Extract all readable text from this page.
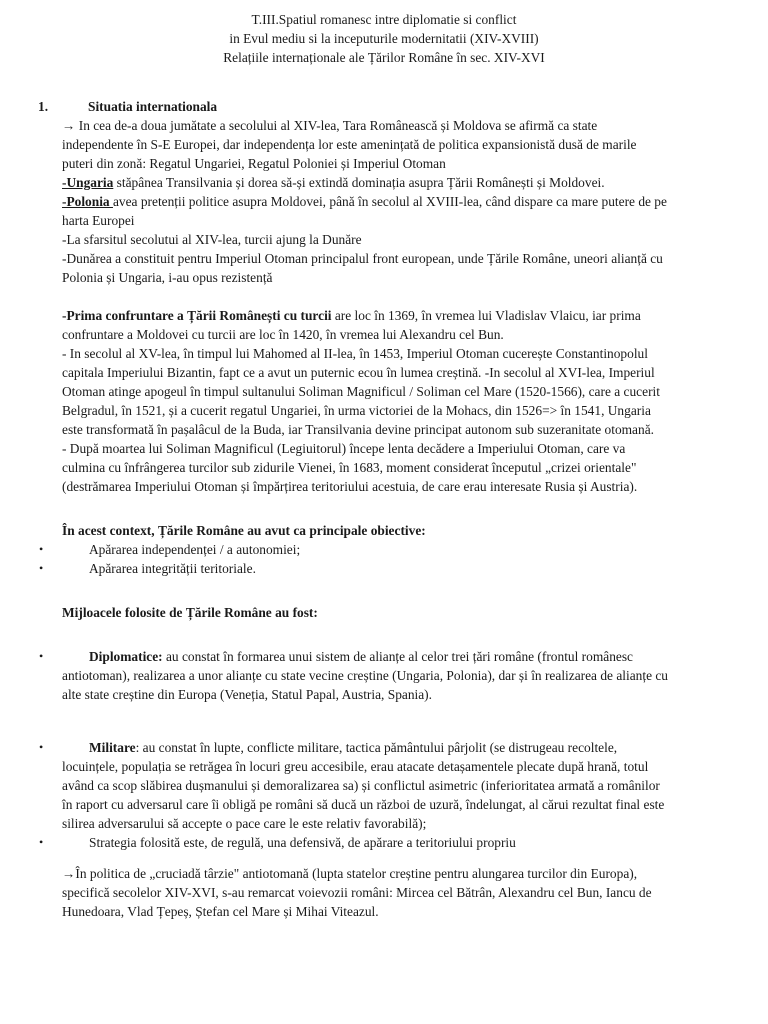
T.III.Spatiul romanesc intre diplomatie si conflict
in Evul mediu si la inceputurile modernitatii (XIV-XVIII)
Relațiile internaționale ale Țărilor Române în sec. XIV-XVI
1.	Situatia internationala
→ In cea de-a doua jumătate a secolului al XIV-lea, Tara Românească și Moldova se afirmă ca state
independente în S-E Europei, dar independența lor este amenințată de politica expansionistă dusă de marile
puteri din zonă: Regatul Ungariei, Regatul Poloniei și Imperiul Otoman
-Ungaria stăpânea Transilvania și dorea să-și extindă dominația asupra Țării Românești și Moldovei.
-Polonia avea pretenții politice asupra Moldovei, până în secolul al XVIII-lea, când dispare ca mare putere de pe
harta Europei
-La sfarsitul secolutui al XIV-lea, turcii ajung la Dunăre
-Dunărea a constituit pentru Imperiul Otoman principalul front european, unde Țările Române, uneori alianță cu
Polonia și Ungaria, i-au opus rezistență
-Prima confruntare a Țării Românești cu turcii are loc în 1369, în vremea lui Vladislav Vlaicu, iar prima
confruntare a Moldovei cu turcii are loc în 1420, în vremea lui Alexandru cel Bun.
- In secolul al XV-lea, în timpul lui Mahomed al II-lea, în 1453, Imperiul Otoman cucerește Constantinopolul
capitala Imperiului Bizantin, fapt ce a avut un puternic ecou în lumea creștină. -In secolul al XVI-lea, Imperiul
Otoman atinge apogeul în timpul sultanului Soliman Magnificul / Soliman cel Mare (1520-1566), care a cucerit
Belgradul, în 1521, și a cucerit regatul Ungariei, în urma victoriei de la Mohacs, din 1526=> în 1541, Ungaria
este transformată în pașalâcul de la Buda, iar Transilvania devine principat autonom sub suzeranitate otomană.
- După moartea lui Soliman Magnificul (Legiuitorul) începe lenta decădere a Imperiului Otoman, care va
culmina cu înfrângerea turcilor sub zidurile Vienei, în 1683, moment considerat începutul „crizei orientale"
(destrămarea Imperiului Otoman și împărțirea teritoriului acestuia, de care erau interesate Rusia și Austria).
În acest context, Țările Române au avut ca principale obiective:
•	Apărarea independenței / a autonomiei;
•	Apărarea integrității teritoriale.
Mijloacele folosite de Țările Române au fost:
•	Diplomatice: au constat în formarea unui sistem de alianțe al celor trei țări române (frontul românesc
antiotoman), realizarea a unor alianțe cu state vecine creștine (Ungaria, Polonia), dar și în realizarea de alianțe cu
alte state creștine din Europa (Veneția, Statul Papal, Austria, Spania).
•	Militare: au constat în lupte, conflicte militare, tactica pământului pârjolit (se distrugeau recoltele,
locuințele, populația se retrăgea în locuri greu accesibile, erau atacate detașamentele plecate după hrană, totul
având ca scop slăbirea dușmanului și demoralizarea sa) și conflictul asimetric (inferioritatea armată a românilor
în raport cu adversarul care îi obligă pe români să ducă un război de uzură, îndelungat, al cărui rezultat final este
silirea adversarului să accepte o pace care le este relativ favorabilă);
•	Strategia folosită este, de regulă, una defensivă, de apărare a teritoriului propriu
→În politica de „cruciadă târzie" antiotomană (lupta statelor creștine pentru alungarea turcilor din Europa),
specifică secolelor XIV-XVI, s-au remarcat voievozii români: Mircea cel Bătrân, Alexandru cel Bun, Iancu de
Hunedoara, Vlad Țepeș, Ștefan cel Mare și Mihai Viteazul.
